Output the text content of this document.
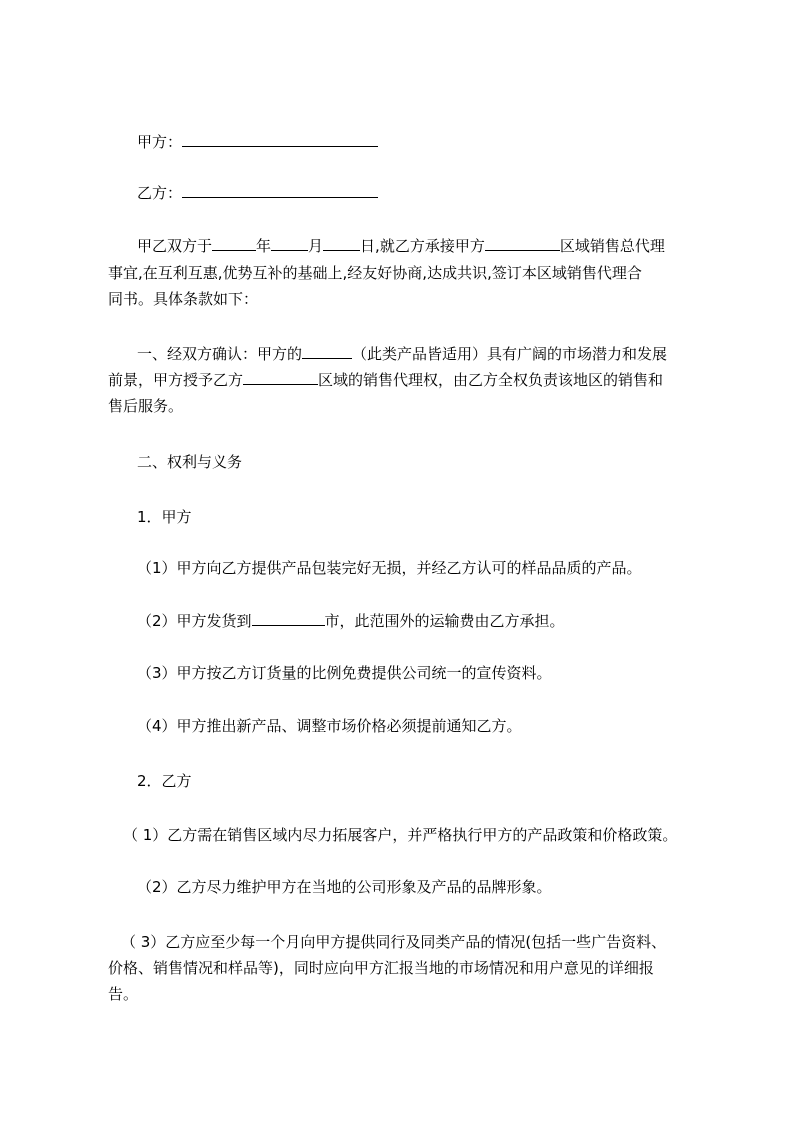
甲方：
乙方：
甲乙双方于	年 月 日,就乙方承接甲方	区域销售总代理
事宜,在互利互惠,优势互补的基础上,经友好协商,达成共识,签订本区域销售代理合
同书。具体条款如下：
一、经双方确认：甲方的	（此类产品皆适用）具有广阔的市场潜力和发展
前景，甲方授予乙方	区域的销售代理权，由乙方全权负责该地区的销售和
售后服务。
二、权利与义务
1．甲方
（1）甲方向乙方提供产品包装完好无损，并经乙方认可的样品品质的产品。
（2）甲方发货到	市，此范围外的运输费由乙方承担。
（3）甲方按乙方订货量的比例免费提供公司统一的宣传资料。
（4）甲方推出新产品、调整市场价格必须提前通知乙方。
2．乙方
（ 1）乙方需在销售区域内尽力拓展客户，并严格执行甲方的产品政策和价格政策。
（2）乙方尽力维护甲方在当地的公司形象及产品的品牌形象。
（ 3）乙方应至少每一个月向甲方提供同行及同类产品的情况(包括一些广告资料、
价格、销售情况和样品等)，同时应向甲方汇报当地的市场情况和用户意见的详细报
告。
